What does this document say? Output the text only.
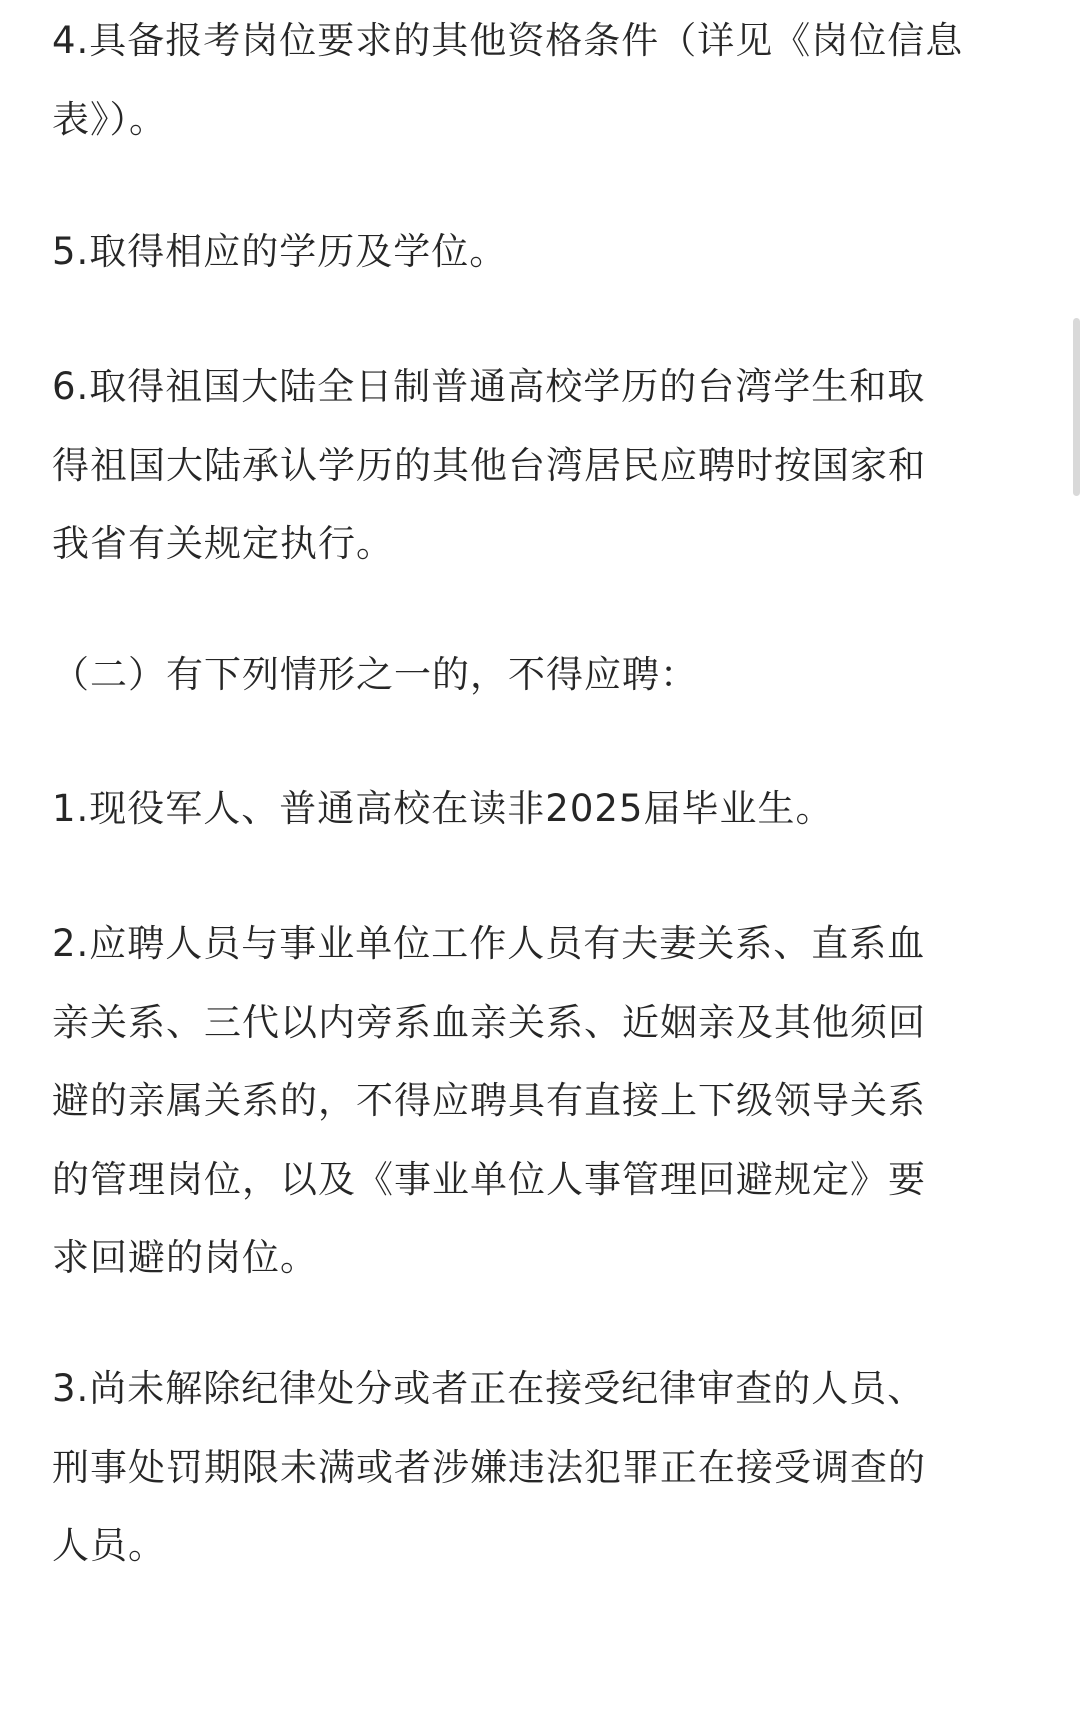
4.具备报考岗位要求的其他资格条件（详见《岗位信息
表》）。
5.取得相应的学历及学位。
6.取得祖国大陆全日制普通高校学历的台湾学生和取
得祖国大陆承认学历的其他台湾居民应聘时按国家和
我省有关规定执行。
（二）有下列情形之一的，不得应聘：
1.现役军人、普通高校在读非2025届毕业生。
2.应聘人员与事业单位工作人员有夫妻关系、直系血
亲关系、三代以内旁系血亲关系、近姻亲及其他须回
避的亲属关系的，不得应聘具有直接上下级领导关系
的管理岗位，以及《事业单位人事管理回避规定》要
求回避的岗位。
3.尚未解除纪律处分或者正在接受纪律审查的人员、
刑事处罚期限未满或者涉嫌违法犯罪正在接受调查的
人员。
